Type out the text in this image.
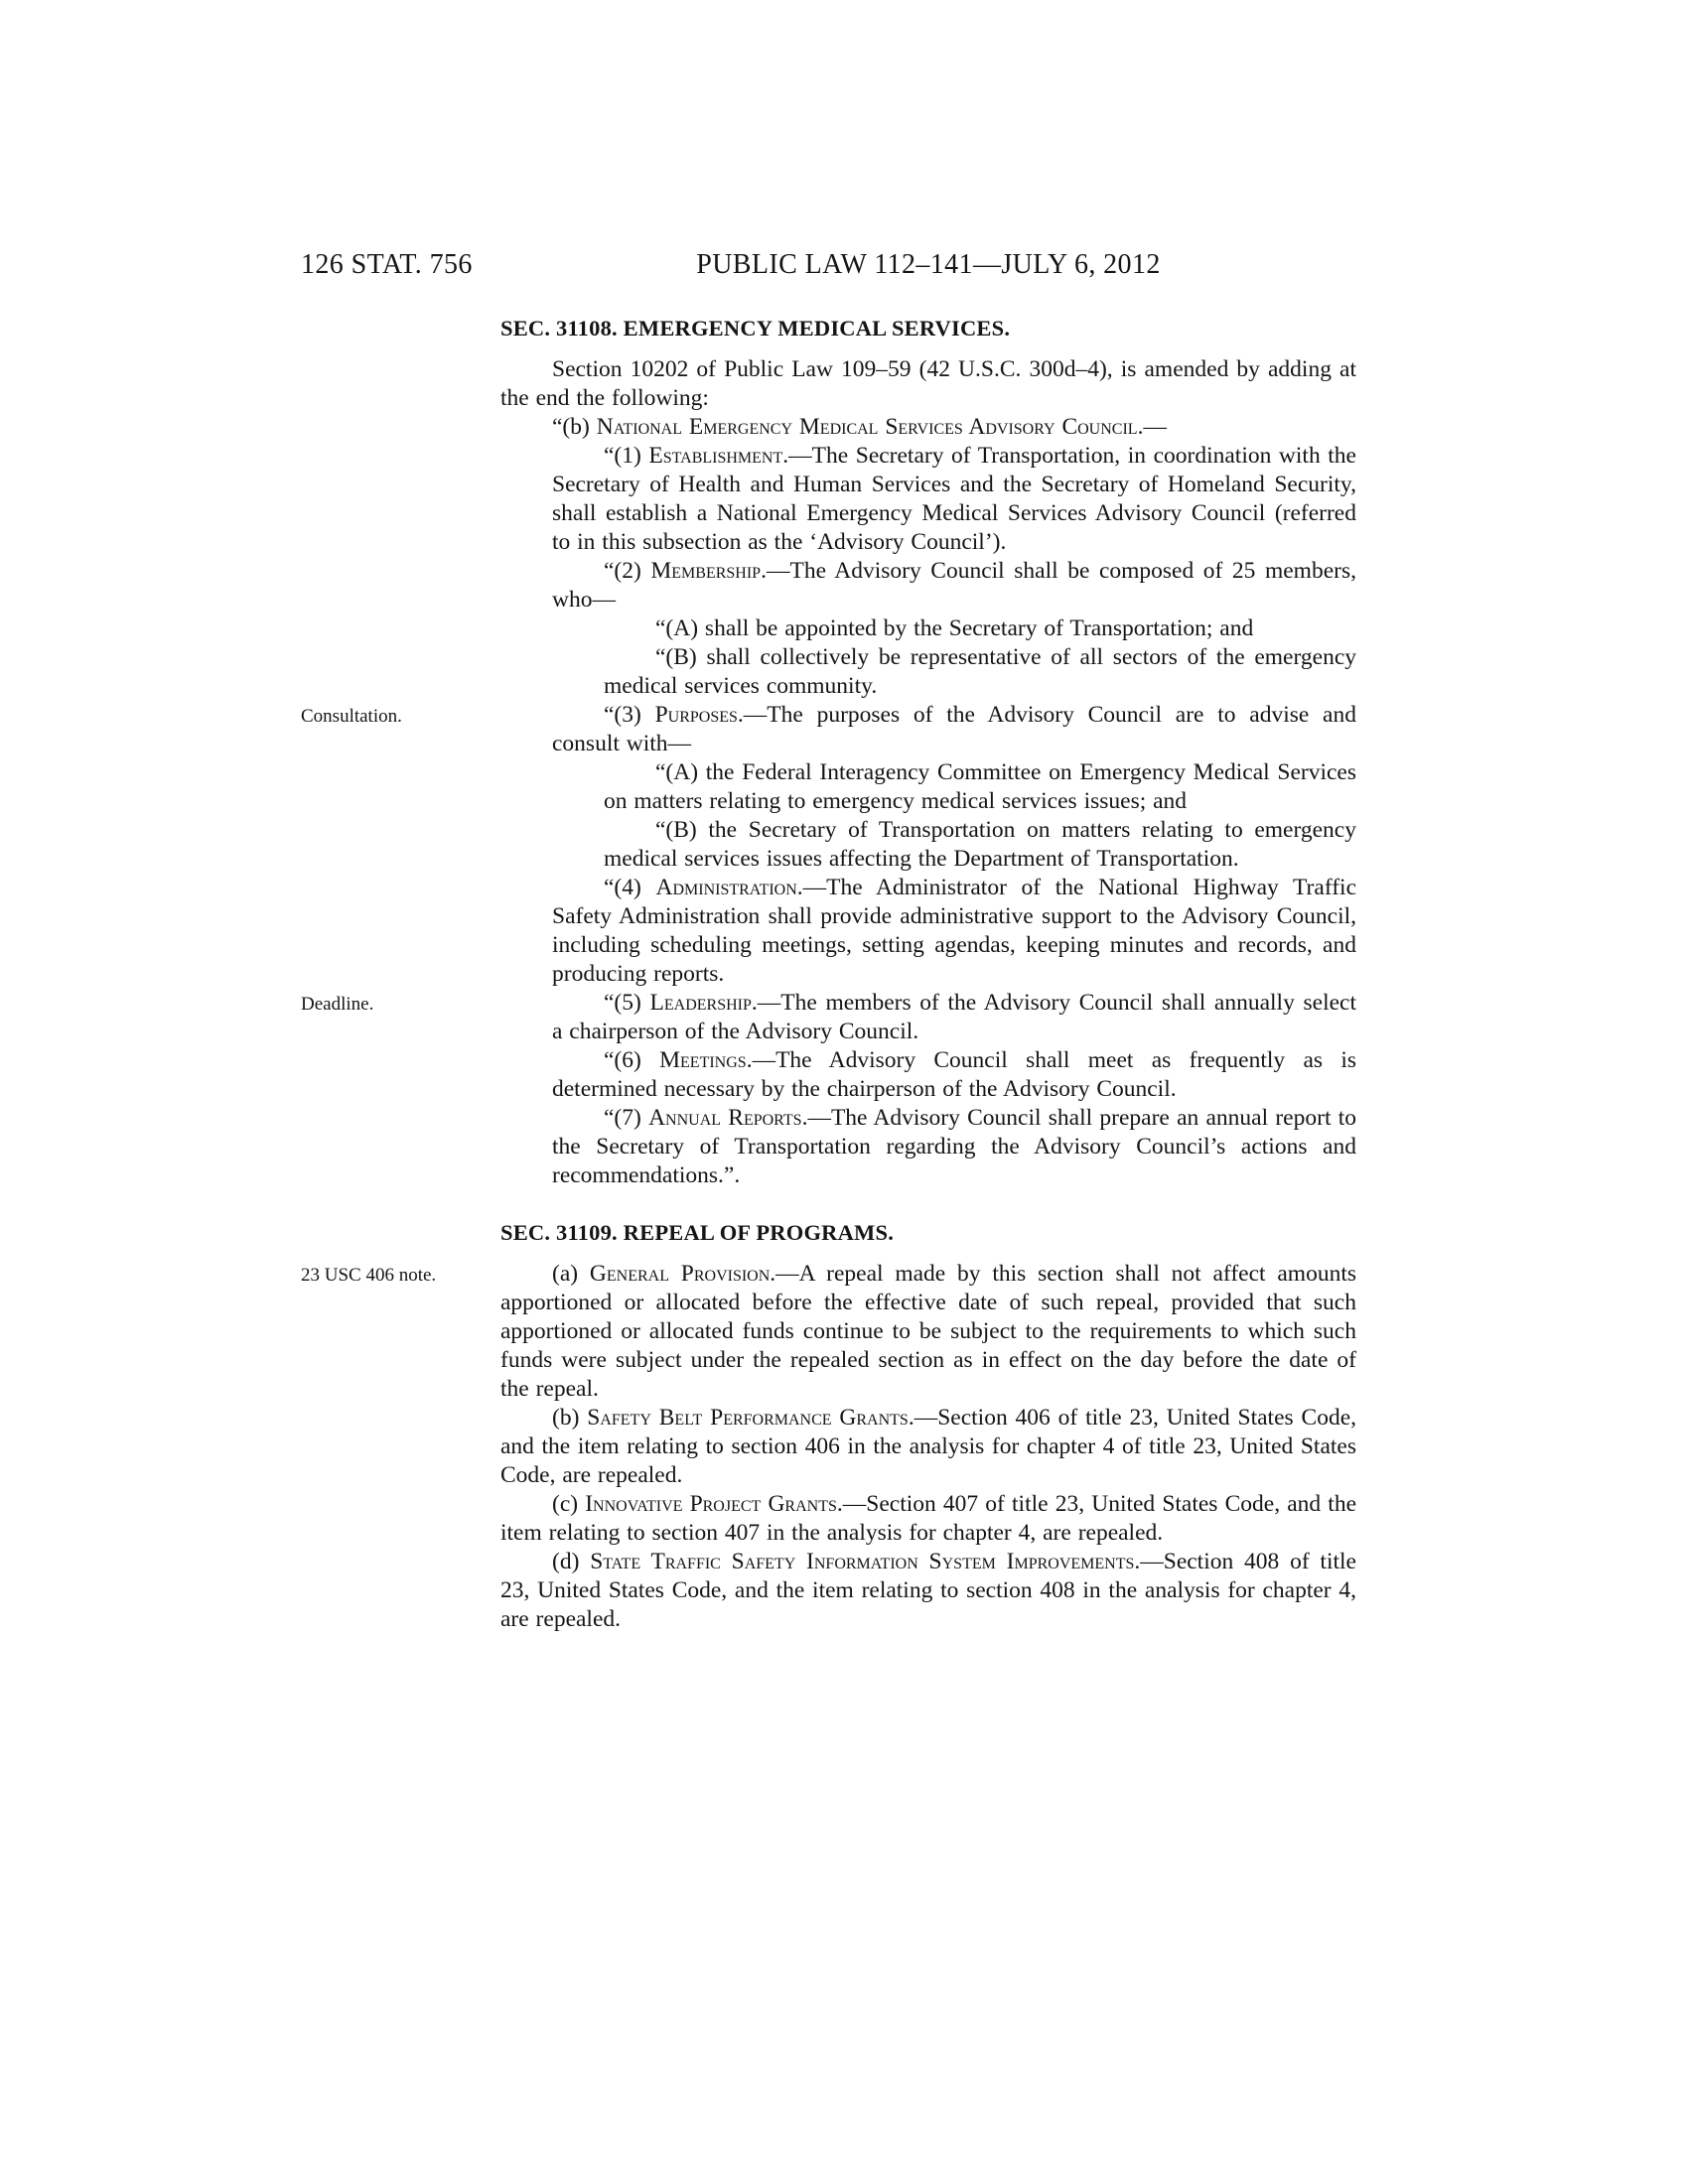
126 STAT. 756	PUBLIC LAW 112–141—JULY 6, 2012
SEC. 31108. EMERGENCY MEDICAL SERVICES.

Section 10202 of Public Law 109–59 (42 U.S.C. 300d–4), is amended by adding at the end the following:

“(b) National Emergency Medical Services Advisory Council.—

“(1) Establishment.—The Secretary of Transportation, in coordination with the Secretary of Health and Human Services and the Secretary of Homeland Security, shall establish a National Emergency Medical Services Advisory Council (referred to in this subsection as the ‘Advisory Council’).

“(2) Membership.—The Advisory Council shall be composed of 25 members, who—

“(A) shall be appointed by the Secretary of Transportation; and

“(B) shall collectively be representative of all sectors of the emergency medical services community.

Consultation.	“(3) Purposes.—The purposes of the Advisory Council are to advise and consult with—

“(A) the Federal Interagency Committee on Emergency Medical Services on matters relating to emergency medical services issues; and

“(B) the Secretary of Transportation on matters relating to emergency medical services issues affecting the Department of Transportation.

“(4) Administration.—The Administrator of the National Highway Traffic Safety Administration shall provide administrative support to the Advisory Council, including scheduling meetings, setting agendas, keeping minutes and records, and producing reports.

Deadline.	“(5) Leadership.—The members of the Advisory Council shall annually select a chairperson of the Advisory Council.

“(6) Meetings.—The Advisory Council shall meet as frequently as is determined necessary by the chairperson of the Advisory Council.

“(7) Annual Reports.—The Advisory Council shall prepare an annual report to the Secretary of Transportation regarding the Advisory Council’s actions and recommendations.”.

SEC. 31109. REPEAL OF PROGRAMS.

23 USC 406 note.	(a) General Provision.—A repeal made by this section shall not affect amounts apportioned or allocated before the effective date of such repeal, provided that such apportioned or allocated funds continue to be subject to the requirements to which such funds were subject under the repealed section as in effect on the day before the date of the repeal.

(b) Safety Belt Performance Grants.—Section 406 of title 23, United States Code, and the item relating to section 406 in the analysis for chapter 4 of title 23, United States Code, are repealed.

(c) Innovative Project Grants.—Section 407 of title 23, United States Code, and the item relating to section 407 in the analysis for chapter 4, are repealed.

(d) State Traffic Safety Information System Improvements.—Section 408 of title 23, United States Code, and the item relating to section 408 in the analysis for chapter 4, are repealed.
